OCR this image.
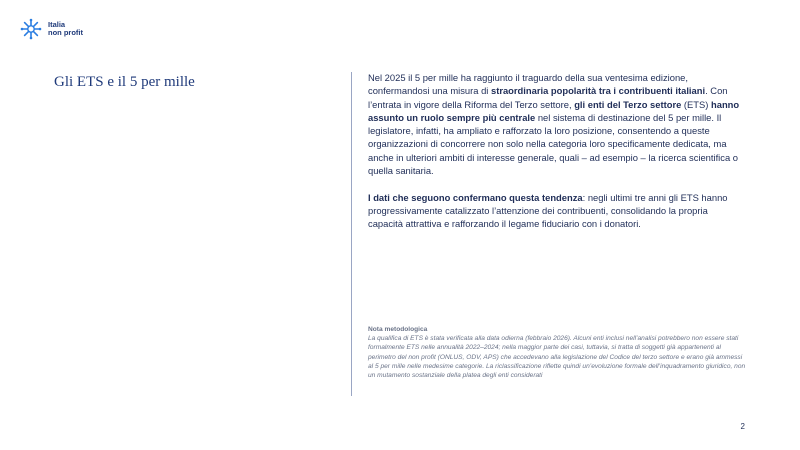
Italia
non profit
Gli ETS e il 5 per mille	Nel 2025 il 5 per mille ha raggiunto il traguardo della sua ventesima edizione, confermandosi una misura di straordinaria popolarità tra i contribuenti italiani. Con l’entrata in vigore della Riforma del Terzo settore, gli enti del Terzo settore (ETS) hanno assunto un ruolo sempre più centrale nel sistema di destinazione del 5 per mille. Il legislatore, infatti, ha ampliato e rafforzato la loro posizione, consentendo a queste organizzazioni di concorrere non solo nella categoria loro specificamente dedicata, ma anche in ulteriori ambiti di interesse generale, quali – ad esempio – la ricerca scientifica o quella sanitaria.

I dati che seguono confermano questa tendenza: negli ultimi tre anni gli ETS hanno progressivamente catalizzato l’attenzione dei contribuenti, consolidando la propria capacità attrattiva e rafforzando il legame fiduciario con i donatori.

Nota metodologica
La qualifica di ETS è stata verificata alla data odierna (febbraio 2026). Alcuni enti inclusi nell’analisi potrebbero non essere stati formalmente ETS nelle annualità 2022–2024; nella maggior parte dei casi, tuttavia, si tratta di soggetti già appartenenti al perimetro del non profit (ONLUS, ODV, APS) che accedevano alla legislazione del Codice del terzo settore e erano già ammessi al 5 per mille nelle medesime categorie. La riclassificazione riflette quindi un’evoluzione formale dell’inquadramento giuridico, non un mutamento sostanziale della platea degli enti considerati
2
